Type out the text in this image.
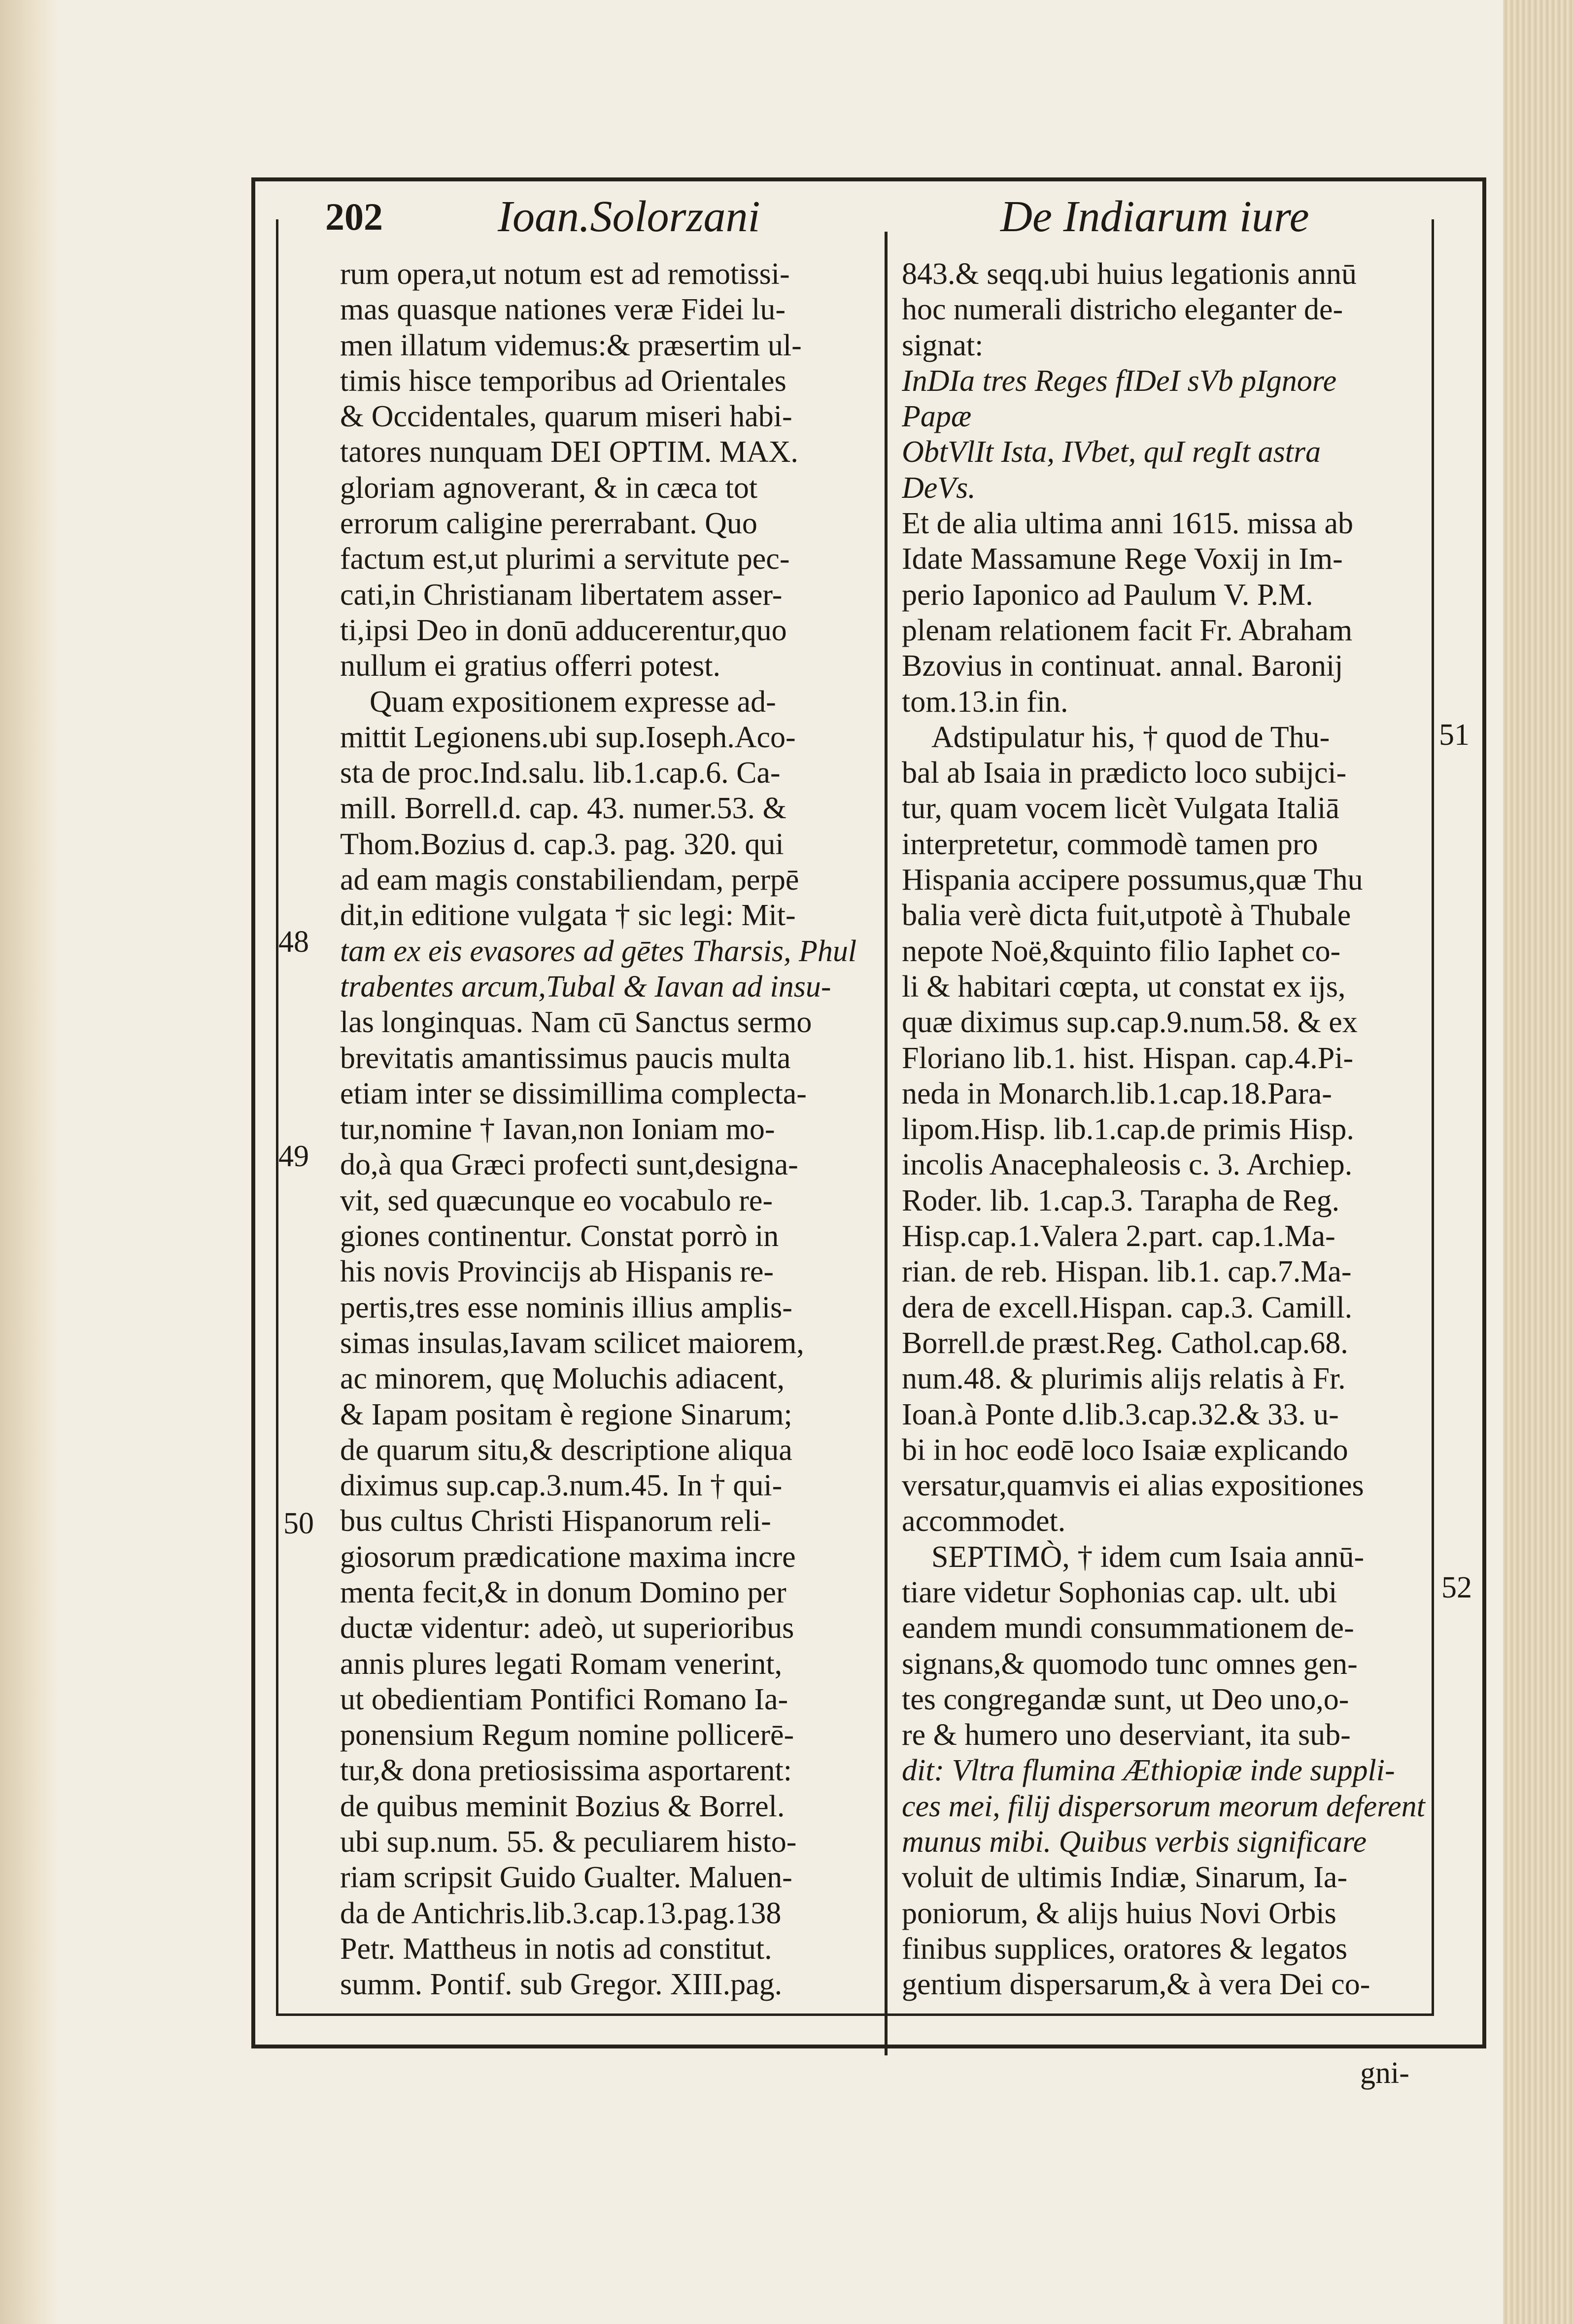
202	Ioan.Solorzani	De Indiarum iure
rum opera,ut notum est ad remotissi-
mas quasque nationes veræ Fidei lu-
men illatum videmus:& præsertim ul-
timis hisce temporibus ad Orientales
& Occidentales, quarum miseri habi-
tatores nunquam DEI OPTIM. MAX.
gloriam agnoverant, & in cæca tot
errorum caligine pererrabant. Quo
factum est,ut plurimi a servitute pec-
cati,in Christianam libertatem asser-
ti,ipsi Deo in donū adducerentur,quo
nullum ei gratius offerri potest.
Quam expositionem expresse ad-
mittit Legionens.ubi sup.Ioseph.Aco-
sta de proc.Ind.salu. lib.1.cap.6. Ca-
mill. Borrell.d. cap. 43. numer.53. &
Thom.Bozius d. cap.3. pag. 320. qui
ad eam magis constabiliendam, perpē
dit,in editione vulgata † sic legi: Mit-
tam ex eis evasores ad gētes Tharsis, Phul
trabentes arcum,Tubal & Iavan ad insu-
las longinquas. Nam cū Sanctus sermo
brevitatis amantissimus paucis multa
etiam inter se dissimillima complecta-
tur,nomine † Iavan,non Ioniam mo-
do,à qua Græci profecti sunt,designa-
vit, sed quæcunque eo vocabulo re-
giones continentur. Constat porrò in
his novis Provincijs ab Hispanis re-
pertis,tres esse nominis illius amplis-
simas insulas,Iavam scilicet maiorem,
ac minorem, quę Moluchis adiacent,
& Iapam positam è regione Sinarum;
de quarum situ,& descriptione aliqua
diximus sup.cap.3.num.45. In † qui-
bus cultus Christi Hispanorum reli-
giosorum prædicatione maxima incre
menta fecit,& in donum Domino per
ductæ videntur: adeò, ut superioribus
annis plures legati Romam venerint,
ut obedientiam Pontifici Romano Ia-
ponensium Regum nomine pollicerē-
tur,& dona pretiosissima asportarent:
de quibus meminit Bozius & Borrel.
ubi sup.num. 55. & peculiarem histo-
riam scripsit Guido Gualter. Maluen-
da de Antichris.lib.3.cap.13.pag.138
Petr. Mattheus in notis ad constitut.
summ. Pontif. sub Gregor. XIII.pag.
843.& seqq.ubi huius legationis annū
hoc numerali districho eleganter de-
signat:
InDIa tres Reges fIDeI sVb pIgnore
Papæ
ObtVlIt Ista, IVbet, quI regIt astra
DeVs.
Et de alia ultima anni 1615. missa ab
Idate Massamune Rege Voxij in Im-
perio Iaponico ad Paulum V. P.M.
plenam relationem facit Fr. Abraham
Bzovius in continuat. annal. Baronij
tom.13.in fin.
Adstipulatur his, † quod de Thu-
bal ab Isaia in prædicto loco subijci-
tur, quam vocem licèt Vulgata Italiā
interpretetur, commodè tamen pro
Hispania accipere possumus,quæ Thu
balia verè dicta fuit,utpotè à Thubale
nepote Noë,&quinto filio Iaphet co-
li & habitari cœpta, ut constat ex ijs,
quæ diximus sup.cap.9.num.58. & ex
Floriano lib.1. hist. Hispan. cap.4.Pi-
neda in Monarch.lib.1.cap.18.Para-
lipom.Hisp. lib.1.cap.de primis Hisp.
incolis Anacephaleosis c. 3. Archiep.
Roder. lib. 1.cap.3. Tarapha de Reg.
Hisp.cap.1.Valera 2.part. cap.1.Ma-
rian. de reb. Hispan. lib.1. cap.7.Ma-
dera de excell.Hispan. cap.3. Camill.
Borrell.de præst.Reg. Cathol.cap.68.
num.48. & plurimis alijs relatis à Fr.
Ioan.à Ponte d.lib.3.cap.32.& 33. u-
bi in hoc eodē loco Isaiæ explicando
versatur,quamvis ei alias expositiones
accommodet.
SEPTIMÒ, † idem cum Isaia annū-
tiare videtur Sophonias cap. ult. ubi
eandem mundi consummationem de-
signans,& quomodo tunc omnes gen-
tes congregandæ sunt, ut Deo uno,o-
re & humero uno deserviant, ita sub-
dit: Vltra flumina Æthiopiæ inde suppli-
ces mei, filij dispersorum meorum deferent
munus mibi. Quibus verbis significare
voluit de ultimis Indiæ, Sinarum, Ia-
poniorum, & alijs huius Novi Orbis
finibus supplices, oratores & legatos
gentium dispersarum,& à vera Dei co-
48
49
50
51
52
gni-
